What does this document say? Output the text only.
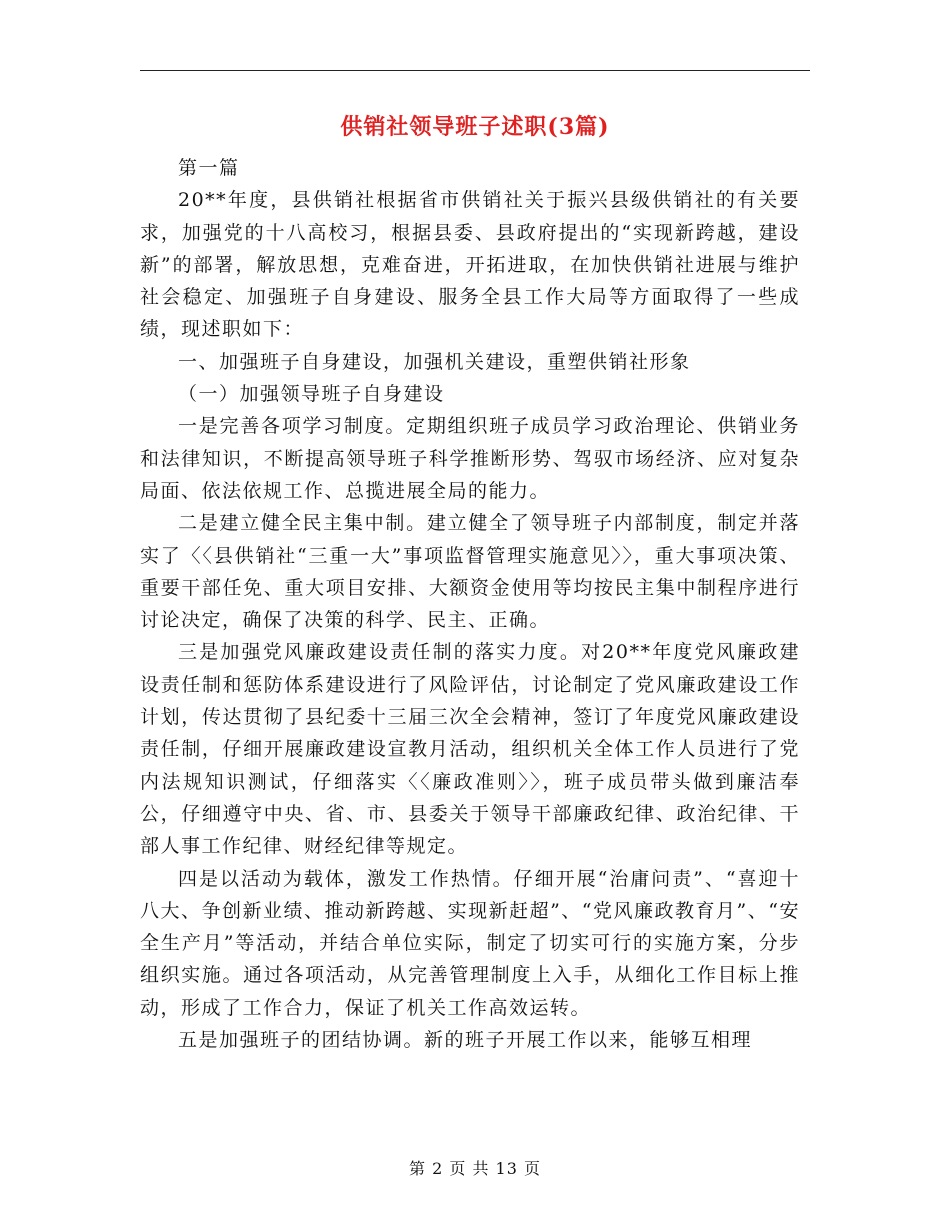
供销社领导班子述职(3篇)

第一篇

20**年度，县供销社根据省市供销社关于振兴县级供销社的有关要求，加强党的十八高校习，根据县委、县政府提出的“实现新跨越，建设新”的部署，解放思想，克难奋进，开拓进取，在加快供销社进展与维护社会稳定、加强班子自身建设、服务全县工作大局等方面取得了一些成绩，现述职如下：

一、加强班子自身建设，加强机关建设，重塑供销社形象

（一）加强领导班子自身建设

一是完善各项学习制度。定期组织班子成员学习政治理论、供销业务和法律知识，不断提高领导班子科学推断形势、驾驭市场经济、应对复杂局面、依法依规工作、总揽进展全局的能力。

二是建立健全民主集中制。建立健全了领导班子内部制度，制定并落实了〈〈县供销社“三重一大”事项监督管理实施意见〉〉，重大事项决策、重要干部任免、重大项目安排、大额资金使用等均按民主集中制程序进行讨论决定，确保了决策的科学、民主、正确。

三是加强党风廉政建设责任制的落实力度。对20**年度党风廉政建设责任制和惩防体系建设进行了风险评估，讨论制定了党风廉政建设工作计划，传达贯彻了县纪委十三届三次全会精神，签订了年度党风廉政建设责任制，仔细开展廉政建设宣教月活动，组织机关全体工作人员进行了党内法规知识测试，仔细落实〈〈廉政准则〉〉，班子成员带头做到廉洁奉公，仔细遵守中央、省、市、县委关于领导干部廉政纪律、政治纪律、干部人事工作纪律、财经纪律等规定。

四是以活动为载体，激发工作热情。仔细开展“治庸问责”、“喜迎十八大、争创新业绩、推动新跨越、实现新赶超”、“党风廉政教育月”、“安全生产月”等活动，并结合单位实际，制定了切实可行的实施方案，分步组织实施。通过各项活动，从完善管理制度上入手，从细化工作目标上推动，形成了工作合力，保证了机关工作高效运转。

五是加强班子的团结协调。新的班子开展工作以来，能够互相理

第 2 页 共 13 页
